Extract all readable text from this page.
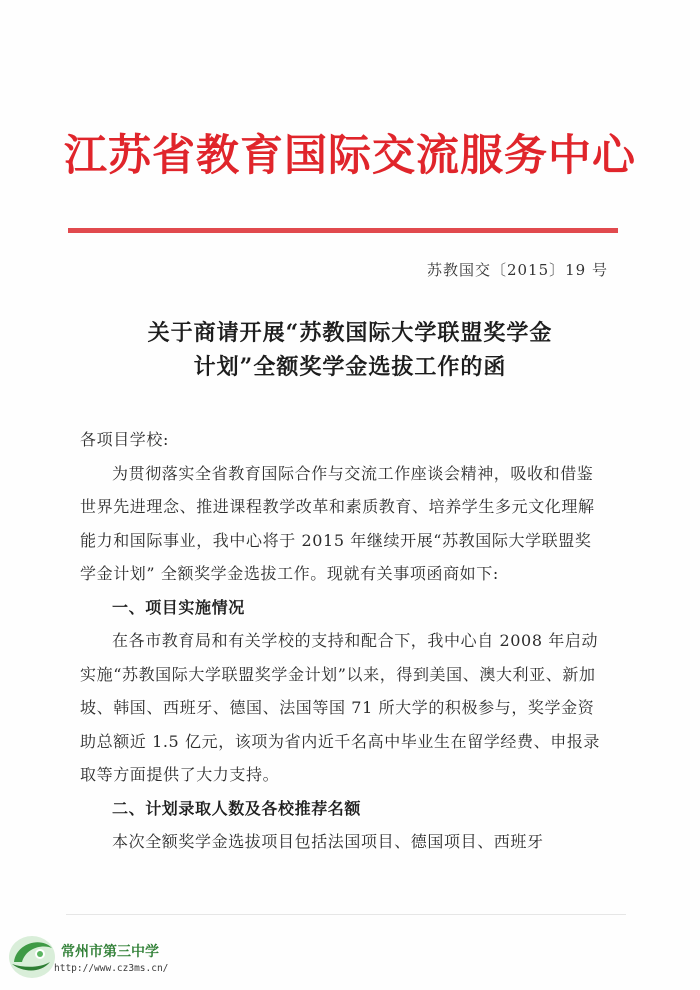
江苏省教育国际交流服务中心
苏教国交〔2015〕19 号
关于商请开展“苏教国际大学联盟奖学金
计划”全额奖学金选拔工作的函

各项目学校:

为贯彻落实全省教育国际合作与交流工作座谈会精神，吸收和借鉴世界先进理念、推进课程教学改革和素质教育、培养学生多元文化理解能力和国际事业，我中心将于 2015 年继续开展“苏教国际大学联盟奖学金计划” 全额奖学金选拔工作。现就有关事项函商如下:

一、项目实施情况

在各市教育局和有关学校的支持和配合下，我中心自 2008 年启动实施“苏教国际大学联盟奖学金计划”以来，得到美国、澳大利亚、新加坡、韩国、西班牙、德国、法国等国 71 所大学的积极参与，奖学金资助总额近 1.5 亿元，该项为省内近千名高中毕业生在留学经费、申报录取等方面提供了大力支持。

二、计划录取人数及各校推荐名额

本次全额奖学金选拔项目包括法国项目、德国项目、西班牙

常州市第三中学
http://www.cz3ms.cn/
